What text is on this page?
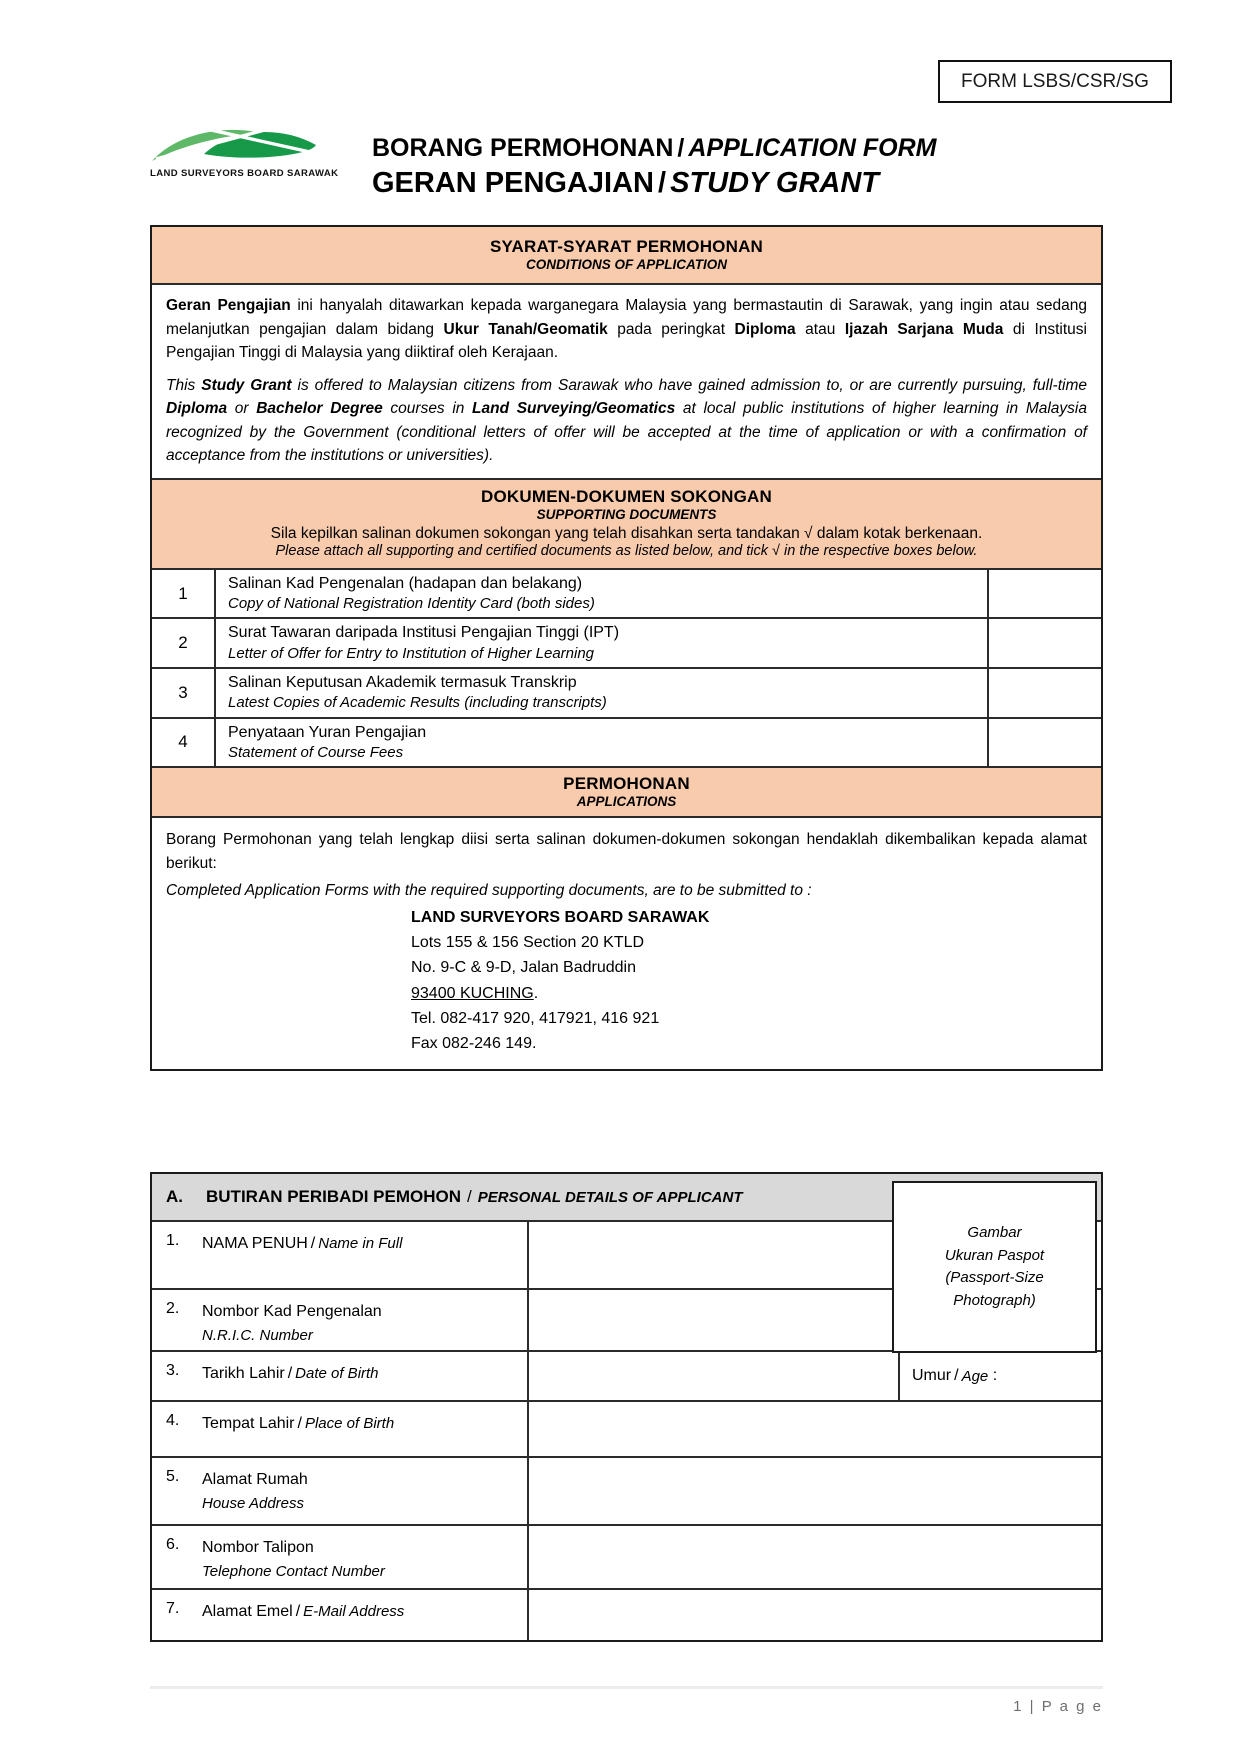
FORM LSBS/CSR/SG
LAND SURVEYORS BOARD SARAWAK
BORANG PERMOHONAN / APPLICATION FORM
GERAN PENGAJIAN / STUDY GRANT
SYARAT-SYARAT PERMOHONAN
CONDITIONS OF APPLICATION
Geran Pengajian ini hanyalah ditawarkan kepada warganegara Malaysia yang bermastautin di Sarawak, yang ingin atau sedang melanjutkan pengajian dalam bidang Ukur Tanah/Geomatik pada peringkat Diploma atau Ijazah Sarjana Muda di Institusi Pengajian Tinggi di Malaysia yang diiktiraf oleh Kerajaan.
This Study Grant is offered to Malaysian citizens from Sarawak who have gained admission to, or are currently pursuing, full-time Diploma or Bachelor Degree courses in Land Surveying/Geomatics at local public institutions of higher learning in Malaysia recognized by the Government (conditional letters of offer will be accepted at the time of application or with a confirmation of acceptance from the institutions or universities).
DOKUMEN-DOKUMEN SOKONGAN
SUPPORTING DOCUMENTS
Sila kepilkan salinan dokumen sokongan yang telah disahkan serta tandakan √ dalam kotak berkenaan.
Please attach all supporting and certified documents as listed below, and tick √ in the respective boxes below.
1
Salinan Kad Pengenalan (hadapan dan belakang)
Copy of National Registration Identity Card (both sides)
2
Surat Tawaran daripada Institusi Pengajian Tinggi (IPT)
Letter of Offer for Entry to Institution of Higher Learning
3
Salinan Keputusan Akademik termasuk Transkrip
Latest Copies of Academic Results (including transcripts)
4
Penyataan Yuran Pengajian
Statement of Course Fees
PERMOHONAN
APPLICATIONS
Borang Permohonan yang telah lengkap diisi serta salinan dokumen-dokumen sokongan hendaklah dikembalikan kepada alamat berikut:
Completed Application Forms with the required supporting documents, are to be submitted to :
LAND SURVEYORS BOARD SARAWAK
Lots 155 & 156 Section 20 KTLD
No. 9-C & 9-D, Jalan Badruddin
93400 KUCHING.
Tel. 082-417 920, 417921, 416 921
Fax 082-246 149.
A.	BUTIRAN PERIBADI PEMOHON / PERSONAL DETAILS OF APPLICANT
Gambar
Ukuran Paspot
(Passport-Size
Photograph)
1.	NAMA PENUH / Name in Full
2.	Nombor Kad Pengenalan
N.R.I.C. Number
3.	Tarikh Lahir / Date of Birth	Umur / Age
:
4.	Tempat Lahir / Place of Birth
5.	Alamat Rumah
House Address
6.	Nombor Talipon
Telephone Contact Number
7.	Alamat Emel / E-Mail Address
1 | P a g e
